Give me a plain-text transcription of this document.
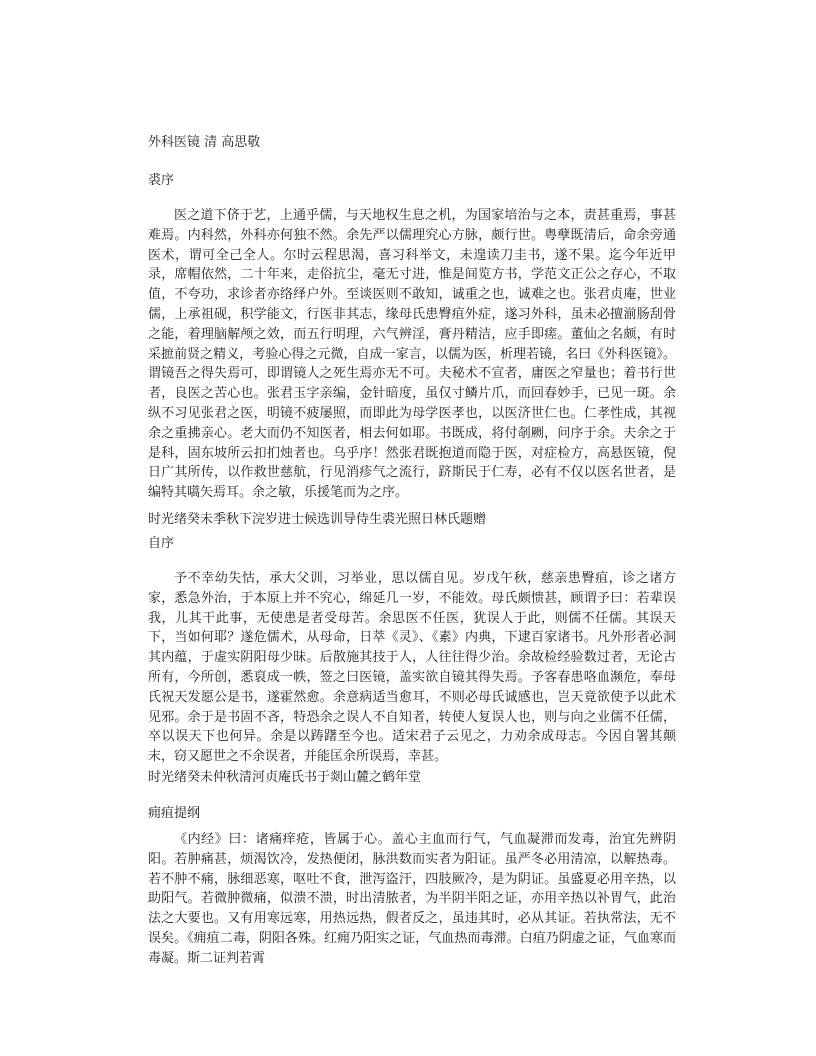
外科医镜 清 高思敬
裘序

医之道下侪于艺，上通乎儒，与天地权生息之机，为国家培治与之本，责甚重焉，事甚难焉。内科然，外科亦何独不然。余先严以儒理究心方脉，颇行世。粤孽既清后，命余旁通医术，谓可全己全人。尔时云程思渴，喜习科举文，未遑读刀圭书，遂不果。迄今年近甲录，席帽依然，二十年来，走俗抗尘，毫无寸进，惟是间览方书，学范文正公之存心，不取值，不夸功，求诊者亦络绎户外。至谈医则不敢知，诚重之也，诚难之也。张君贞庵，世业儒，上承祖砚，积学能文，行医非其志，缘母氏患臀疽外症，遂习外科，虽未必擅湔肠刮骨之能，着理脑解颅之效，而五行明理，六气辨淫，膏丹精洁，应手即瘥。董仙之名颇，有时采摭前贤之精义，考验心得之元微，自成一家言，以儒为医，析理若镜，名曰《外科医镜》。谓镜吾之得失焉可，即谓镜人之死生焉亦无不可。夫秘术不宣者，庸医之窄量也；着书行世者，良医之苦心也。张君玉字亲编，金针暗度，虽仅寸鳞片爪，而回春妙手，已见一斑。余纵不习见张君之医，明镜不疲屡照，而即此为母学医孝也，以医济世仁也。仁孝性成，其视余之重拂亲心。老大而仍不知医者，相去何如耶。书既成，将付剞劂，问序于余。夫余之于是科，固东坡所云扣扪烛者也。乌乎序！然张君既抱道而隐于医，对症检方，高悬医镜，倪日广其所传，以作救世慈航，行见消疹气之流行，跻斯民于仁寿，必有不仅以医名世者，是编特其嚆矢焉耳。余之敏，乐援笔而为之序。

时光绪癸未季秋下浣岁进士候选训导侍生裘光照日林氏题赠
自序

予不幸幼失怙，承大父训，习举业，思以儒自见。岁戊午秋，慈亲患臀疽，诊之诸方家，悉急外治，于本原上并不究心，绵延几一岁，不能效。母氏颇愦甚，顾谓予曰：若辈误我，儿其干此事，无使患是者受母苦。余思医不任医，犹误人于此，则儒不任儒。其误天下，当如何耶？遂危儒术，从母命，日萃《灵》、《素》内典，下逮百家诸书。凡外形者必洞其内蕴，于虚实阴阳母少昧。后散施其技于人，人往往得少治。余故检经验数过者，无论古所有，今所创，悉裒成一帙，签之曰医镜，盖实欲自镜其得失焉。予客春患咯血濒危，奉母氏祝天发愿公是书，遂霍然愈。余意病适当愈耳，不则必母氏诚感也，岂天竟欲使予以此术见邪。余于是书固不吝，特恐余之误人不自知者，转使人复误人也，则与向之业儒不任儒，卒以误天下也何异。余是以踌躇至今也。适宋君子云见之，力劝余成母志。今因自署其颠末，窃又愿世之不余误者，并能匡余所误焉，幸甚。

时光绪癸未仲秋清河贞庵氏书于剡山麓之鹤年堂
痈疽提纲

《内经》曰：诸痛痒疮，皆属于心。盖心主血而行气，气血凝滞而发毒，治宜先辨阴阳。若肿痛甚，烦渴饮冷，发热便闭，脉洪数而实者为阳证。虽严冬必用清凉，以解热毒。若不肿不痛，脉细恶寒，呕吐不食，泄泻盗汗，四肢厥冷，是为阴证。虽盛夏必用辛热，以助阳气。若微肿微痛，似溃不溃，时出清脓者，为半阴半阳之证，亦用辛热以补胃气，此治法之大要也。又有用寒远寒，用热远热，假者反之，虽违其时，必从其证。若执常法，无不误矣。《痈疽二毒，阴阳各殊。红痈乃阳实之证，气血热而毒滞。白疽乃阴虚之证，气血寒而毒凝。斯二证判若霄
